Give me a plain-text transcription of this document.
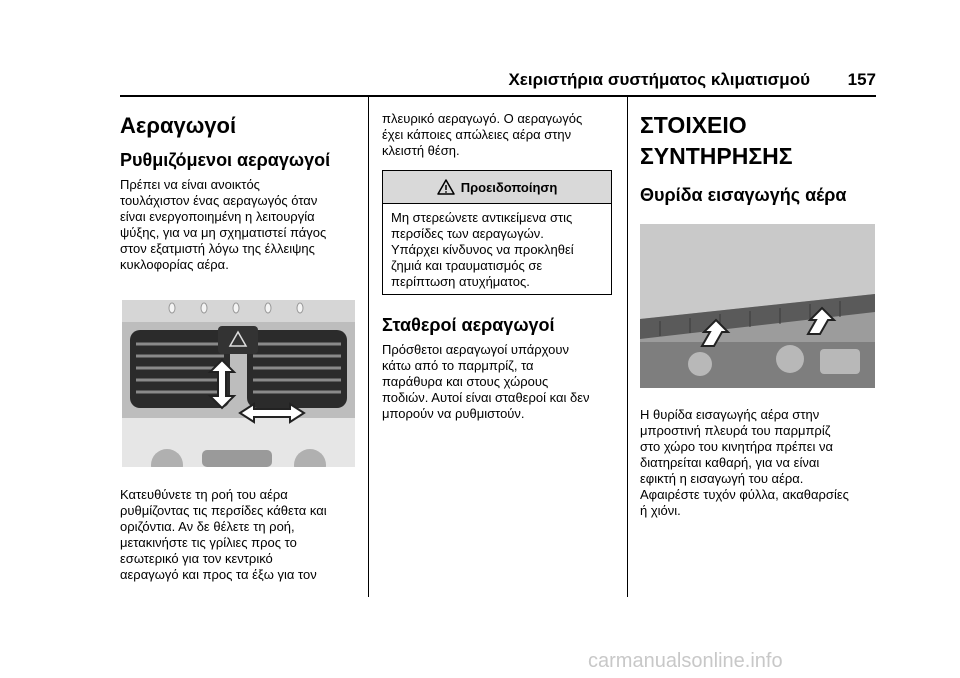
Χειριστήρια συστήματος κλιματισμού	157
Αεραγωγοί
Ρυθμιζόμενοι αεραγωγοί

Πρέπει να είναι ανοικτός
τουλάχιστον ένας αεραγωγός όταν
είναι ενεργοποιημένη η λειτουργία
ψύξης, για να μη σχηματιστεί πάγος
στον εξατμιστή λόγω της έλλειψης
κυκλοφορίας αέρα.

Κατευθύνετε τη ροή του αέρα
ρυθμίζοντας τις περσίδες κάθετα και
οριζόντια. Αν δε θέλετε τη ροή,
μετακινήστε τις γρίλιες προς το
εσωτερικό για τον κεντρικό
αεραγωγό και προς τα έξω για τον

πλευρικό αεραγωγό. Ο αεραγωγός
έχει κάποιες απώλειες αέρα στην
κλειστή θέση.

Προειδοποίηση
Μη στερεώνετε αντικείμενα στις
περσίδες των αεραγωγών.
Υπάρχει κίνδυνος να προκληθεί
ζημιά και τραυματισμός σε
περίπτωση ατυχήματος.
Σταθεροί αεραγωγοί

Πρόσθετοι αεραγωγοί υπάρχουν
κάτω από το παρμπρίζ, τα
παράθυρα και στους χώρους
ποδιών. Αυτοί είναι σταθεροί και δεν
μπορούν να ρυθμιστούν.

ΣΤΟΙΧΕΙΟ
ΣΥΝΤΗΡΗΣΗΣ
Θυρίδα εισαγωγής αέρα

Η θυρίδα εισαγωγής αέρα στην
μπροστινή πλευρά του παρμπρίζ
στο χώρο του κινητήρα πρέπει να
διατηρείται καθαρή, για να είναι
εφικτή η εισαγωγή του αέρα.
Αφαιρέστε τυχόν φύλλα, ακαθαρσίες
ή χιόνι.

carmanualsonline.info
